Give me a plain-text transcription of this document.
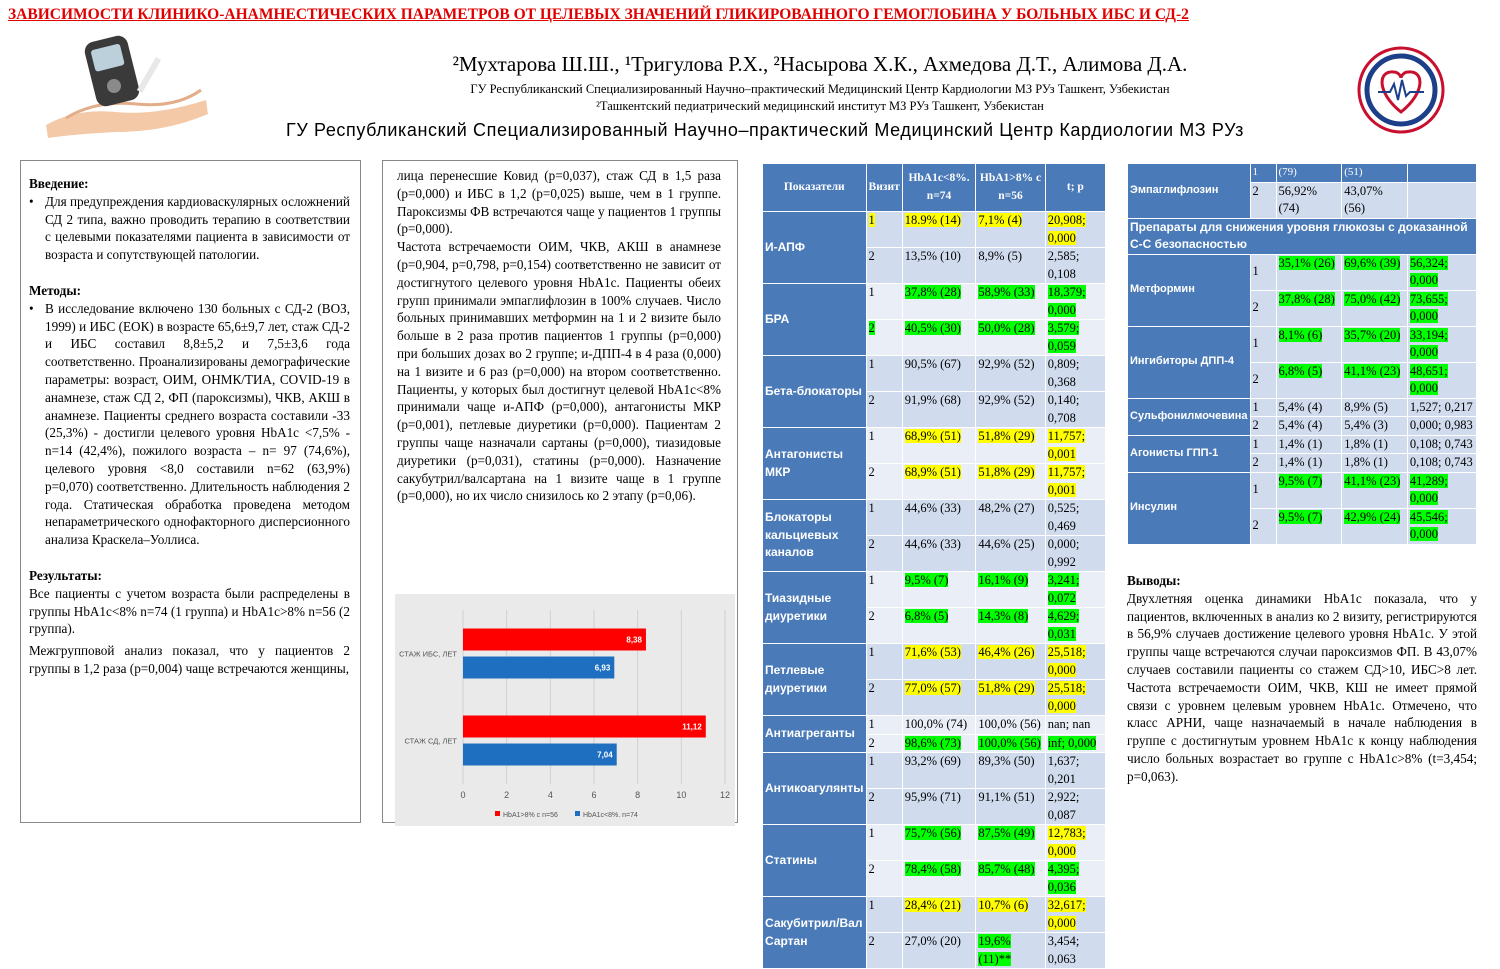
ЗАВИСИМОСТИ КЛИНИКО-АНАМНЕСТИЧЕСКИХ ПАРАМЕТРОВ ОТ ЦЕЛЕВЫХ ЗНАЧЕНИЙ ГЛИКИРОВАННОГО ГЕМОГЛОБИНА У БОЛЬНЫХ ИБС И СД-2
²Мухтарова Ш.Ш., ¹Тригулова Р.Х., ²Насырова Х.К., Ахмедова Д.Т., Алимова Д.А.
ГУ Республиканский Специализированный Научно–практический Медицинский Центр Кардиологии МЗ РУз Ташкент, Узбекистан
²Ташкентский педиатрический медицинский институт МЗ РУз Ташкент, Узбекистан
ГУ Республиканский Специализированный Научно–практический Медицинский Центр Кардиологии МЗ РУз
Введение:
• Для предупреждения кардиоваскулярных осложнений СД 2 типа, важно проводить терапию в соответствии с целевыми показателями пациента в зависимости от возраста и сопутствующей патологии.
Методы:
• В исследование включено 130 больных с СД-2 (ВОЗ, 1999) и ИБС (ЕОК) в возрасте 65,6±9,7 лет, стаж СД-2 и ИБС составил 8,8±5,2 и 7,5±3,6 года соответственно. Проанализированы демографические параметры: возраст, ОИМ, ОНМК/ТИА, COVID-19 в анамнезе, стаж СД 2, ФП (пароксизмы), ЧКВ, АКШ в анамнезе. Пациенты среднего возраста составили -33 (25,3%) - достигли целевого уровня HbA1c <7,5% - n=14 (42,4%), пожилого возраста – n= 97 (74,6%), целевого уровня <8,0 составили n=62 (63,9%) p=0,070) соответственно. Длительность наблюдения 2 года. Статическая обработка проведена методом непараметрического однофакторного дисперсионного анализа Краскела–Уоллиса.
Результаты:
Все пациенты с учетом возраста были распределены в группы HbA1c<8% n=74 (1 группа) и HbA1c>8% n=56 (2 группа).
Межгрупповой анализ показал, что у пациентов 2 группы в 1,2 раза (p=0,004) чаще встречаются женщины,
лица перенесшие Ковид (p=0,037), стаж СД в 1,5 раза (p=0,000) и ИБС в 1,2 (p=0,025) выше, чем в 1 группе. Пароксизмы ФВ встречаются чаще у пациентов 1 группы (p=0,000).
Частота встречаемости ОИМ, ЧКВ, АКШ в анамнезе (p=0,904, p=0,798, p=0,154) соответственно не зависит от достигнутого целевого уровня HbA1c. Пациенты обеих групп принимали эмпаглифлозин в 100% случаев. Число больных принимавших метформин на 1 и 2 визите было больше в 2 раза против пациентов 1 группы (p=0,000) при больших дозах во 2 группе; и-ДПП-4 в 4 раза (0,000) на 1 визите и 6 раз (p=0,000) на втором соответственно. Пациенты, у которых был достигнут целевой HbA1c<8% принимали чаще и-АПФ (p=0,000), антагонисты МКР (p=0,001), петлевые диуретики (p=0,000). Пациентам 2 группы чаще назначали сартаны (p=0,000), тиазидовые диуретики (p=0,031), статины (p=0,000). Назначение сакубутрил/валсартана на 1 визите чаще в 1 группе (p=0,000), но их число снизилось ко 2 этапу (p=0,06).
0	2	4	6	8	10	12
СТАЖ ИБС, ЛЕТ
8,38
6,93
СТАЖ СД, ЛЕТ
11,12
7,04
HbA1>8% с n=56	HbA1c<8%. n=74
Показатели	Визит	HbA1c<8%. n=74	HbA1>8% с n=56	t; p
И-АПФ	1	18.9% (14)	7,1% (4)	20,908; 0,000
	2	13,5% (10)	8,9% (5)	2,585; 0,108
БРА	1	37,8% (28)	58,9% (33)	18,379; 0,000
	2	40,5% (30)	50,0% (28)	3,579; 0,059
Бета-блокаторы	1	90,5% (67)	92,9% (52)	0,809; 0,368
	2	91,9% (68)	92,9% (52)	0,140; 0,708
Антагонисты МКР	1	68,9% (51)	51,8% (29)	11,757; 0,001
	2	68,9% (51)	51,8% (29)	11,757; 0,001
Блокаторы кальциевых каналов	1	44,6% (33)	48,2% (27)	0,525; 0,469
	2	44,6% (33)	44,6% (25)	0,000; 0,992
Тиазидные диуретики	1	9,5% (7)	16,1% (9)	3,241; 0,072
	2	6,8% (5)	14,3% (8)	4,629; 0,031
Петлевые диуретики	1	71,6% (53)	46,4% (26)	25,518; 0,000
	2	77,0% (57)	51,8% (29)	25,518; 0,000
Антиагреганты	1	100,0% (74)	100,0% (56)	nan; nan
	2	98,6% (73)	100,0% (56)	inf; 0,000
Антикоагулянты	1	93,2% (69)	89,3% (50)	1,637; 0,201
	2	95,9% (71)	91,1% (51)	2,922; 0,087
Статины	1	75,7% (56)	87,5% (49)	12,783; 0,000
	2	78,4% (58)	85,7% (48)	4,395; 0,036
Сакубитрил/Вал Сартан	1	28,4% (21)	10,7% (6)	32,617; 0,000
	2	27,0% (20)	19,6% (11)**	3,454; 0,063
Эмпаглифлозин	1	(79)	(51)	
	2	56,92% (74)	43,07% (56)	
Препараты для снижения уровня глюкозы с доказанной С-С безопасностью				
Метформин	1	35,1% (26)	69,6% (39)	56,324; 0,000
	2	37,8% (28)	75,0% (42)	73,655; 0,000
Ингибиторы ДПП-4	1	8,1% (6)	35,7% (20)	33,194; 0,000
	2	6,8% (5)	41,1% (23)	48,651; 0,000
Сульфонилмочевина	1	5,4% (4)	8,9% (5)	1,527; 0,217
	2	5,4% (4)	5,4% (3)	0,000; 0,983
Агонисты ГПП-1	1	1,4% (1)	1,8% (1)	0,108; 0,743
	2	1,4% (1)	1,8% (1)	0,108; 0,743
Инсулин	1	9,5% (7)	41,1% (23)	41,289; 0,000
	2	9,5% (7)	42,9% (24)	45,546; 0,000
Выводы:
Двухлетняя оценка динамики HbA1c показала, что у пациентов, включенных в анализ ко 2 визиту, регистрируются в 56,9% случаев достижение целевого уровня HbA1c. У этой группы чаще встречаются случаи пароксизмов ФП. В 43,07% случаев составили пациенты со стажем СД>10, ИБС>8 лет. Частота встречаемости ОИМ, ЧКВ, КШ не имеет прямой связи с уровнем целевым уровнем HbA1c. Отмечено, что класс АРНИ, чаще назначаемый в начале наблюдения в группе с достигнутым уровнем HbA1c к концу наблюдения число больных возрастает во группе с HbA1c>8% (t=3,454; p=0,063).
